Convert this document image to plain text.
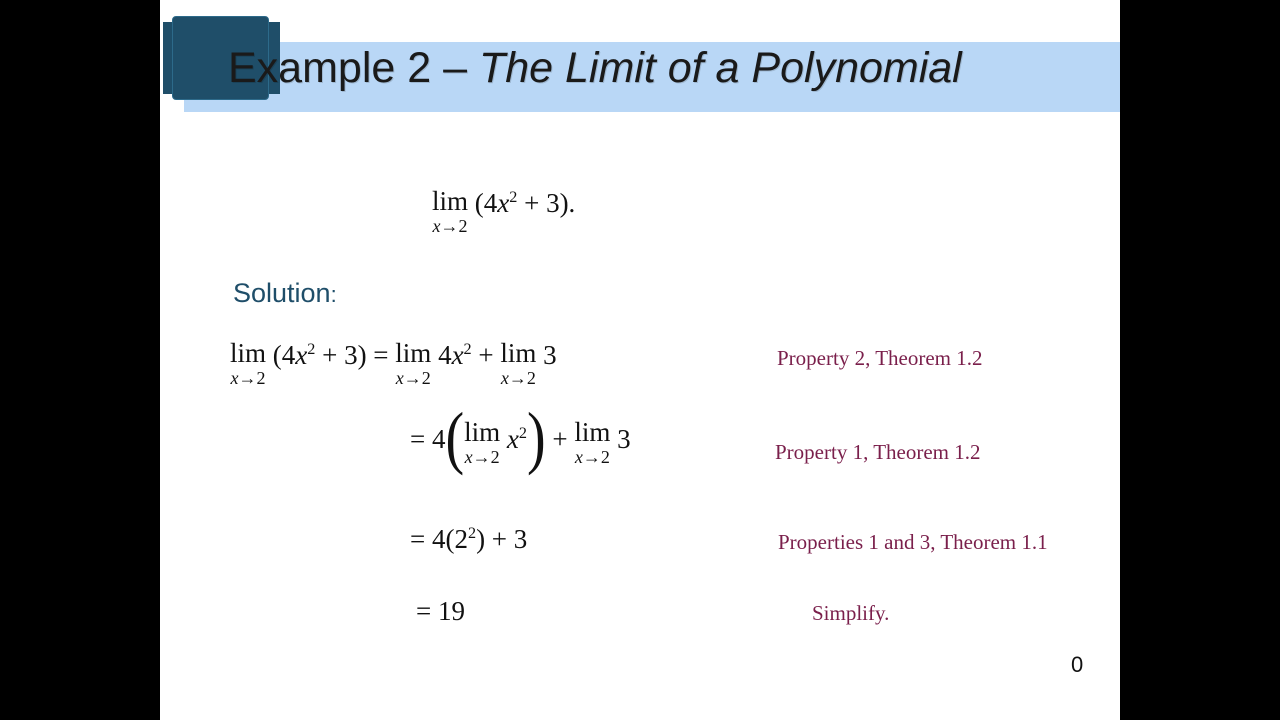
Example 2 – The Limit of a Polynomial
lim
x→2
$(4x^2 + 3)$.
Solution:
lim
x→2
$(4x^2 + 3) = \lim$
x→2
$4x^2 + \lim$
x→2
3	Property 2, Theorem 1.2
= 4( lim
x→2
$x^2) + \lim$
x→2
3	Property 1, Theorem 1.2
= $4(2^2) + 3$	Properties 1 and 3, Theorem 1.1
= 19	Simplify.
0
